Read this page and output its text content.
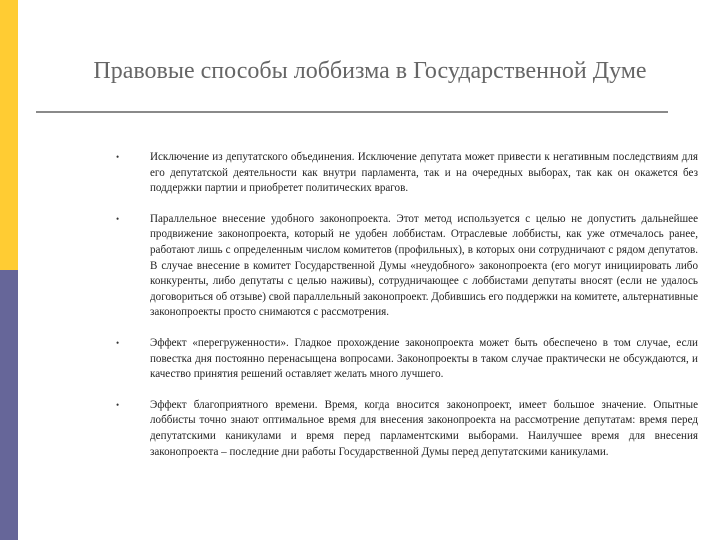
Правовые способы лоббизма в Государственной Думе
•	Исключение из депутатского объединения. Исключение депутата может привести к негативным последствиям для его депутатской деятельности как внутри парламента, так и на очередных выборах, так как он окажется без поддержки партии и приобретет политических врагов.
•	Параллельное внесение удобного законопроекта. Этот метод используется с целью не допустить дальнейшее продвижение законопроекта, который не удобен лоббистам. Отраслевые лоббисты, как уже отмечалось ранее, работают лишь с определенным числом комитетов (профильных), в которых они сотрудничают с рядом депутатов. В случае внесение в комитет Государственной Думы «неудобного» законопроекта (его могут инициировать либо конкуренты, либо депутаты с целью наживы), сотрудничающее с лоббистами депутаты вносят (если не удалось договориться об отзыве) свой параллельный законопроект. Добившись его поддержки на комитете, альтернативные законопроекты просто снимаются с рассмотрения.
•	Эффект «перегруженности». Гладкое прохождение законопроекта может быть обеспечено в том случае, если повестка дня постоянно перенасыщена вопросами. Законопроекты в таком случае практически не обсуждаются, и качество принятия решений оставляет желать много лучшего.
•	Эффект благоприятного времени. Время, когда вносится законопроект, имеет большое значение. Опытные лоббисты точно знают оптимальное время для внесения законопроекта на рассмотрение депутатам: время перед депутатскими каникулами и время перед парламентскими выборами. Наилучшее время для внесения законопроекта – последние дни работы Государственной Думы перед депутатскими каникулами.
